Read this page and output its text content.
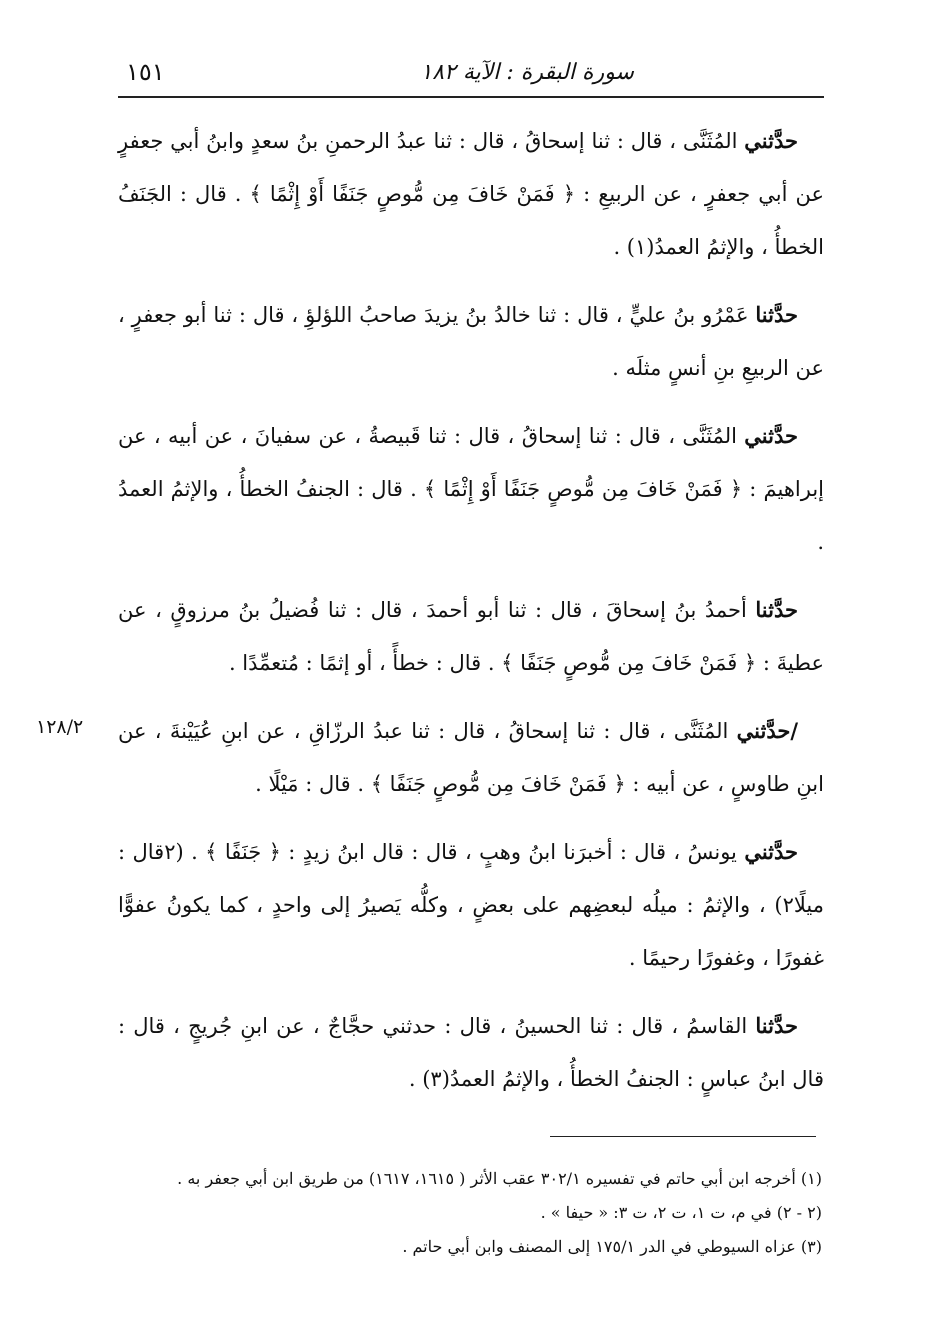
١٥١	سورة البقرة : الآية ١٨٢

حدَّثني المُثَنَّى ، قال : ثنا إسحاقُ ، قال : ثنا عبدُ الرحمنِ بنُ سعدٍ وابنُ أبي جعفرٍ عن أبي جعفرٍ ، عن الربيعِ : ﴿ فَمَنْ خَافَ مِن مُّوصٍ جَنَفًا أَوْ إِثْمًا ﴾ . قال : الجَنَفُ الخطأُ ، والإثمُ العمدُ(١) .

حدَّثنا عَمْرُو بنُ عليٍّ ، قال : ثنا خالدُ بنُ يزيدَ صاحبُ اللؤلؤِ ، قال : ثنا أبو جعفرٍ ، عن الربيعِ بنِ أنسٍ مثلَه .

حدَّثني المُثَنَّى ، قال : ثنا إسحاقُ ، قال : ثنا قَبيصةُ ، عن سفيانَ ، عن أبيه ، عن إبراهيمَ : ﴿ فَمَنْ خَافَ مِن مُّوصٍ جَنَفًا أَوْ إِثْمًا ﴾ . قال : الجنفُ الخطأُ ، والإثمُ العمدُ .

حدَّثنا أحمدُ بنُ إسحاقَ ، قال : ثنا أبو أحمدَ ، قال : ثنا فُضيلُ بنُ مرزوقٍ ، عن عطيةَ : ﴿ فَمَنْ خَافَ مِن مُّوصٍ جَنَفًا ﴾ . قال : خطأً ، أو إثمًا : مُتعمِّدًا .

/حدَّثني المُثَنَّى ، قال : ثنا إسحاقُ ، قال : ثنا عبدُ الرزّاقِ ، عن ابنِ عُيَيْنةَ ، عن ابنِ طاوسٍ ، عن أبيه : ﴿ فَمَنْ خَافَ مِن مُّوصٍ جَنَفًا ﴾ . قال : مَيْلًا .

حدَّثني يونسُ ، قال : أخبرَنا ابنُ وهبٍ ، قال : قال ابنُ زيدٍ : ﴿ جَنَفًا ﴾ . (٢قال : ميلًا٢) ، والإثمُ : ميلُه لبعضِهم على بعضٍ ، وكلُّه يَصيرُ إلى واحدٍ ، كما يكونُ عفوًّا غفورًا ، وغفورًا رحيمًا .

حدَّثنا القاسمُ ، قال : ثنا الحسينُ ، قال : حدثني حجَّاجٌ ، عن ابنِ جُريجٍ ، قال : قال ابنُ عباسٍ : الجنفُ الخطأُ ، والإثمُ العمدُ(٣) .

١٢٨/٢

(١) أخرجه ابن أبي حاتم في تفسيره ٣٠٢/١ عقب الأثر ( ١٦١٥، ١٦١٧) من طريق ابن أبي جعفر به .

(٢ - ٢) في م، ت ١، ت ٢، ت ٣: « حيفا » .

(٣) عزاه السيوطي في الدر ١٧٥/١ إلى المصنف وابن أبي حاتم .
